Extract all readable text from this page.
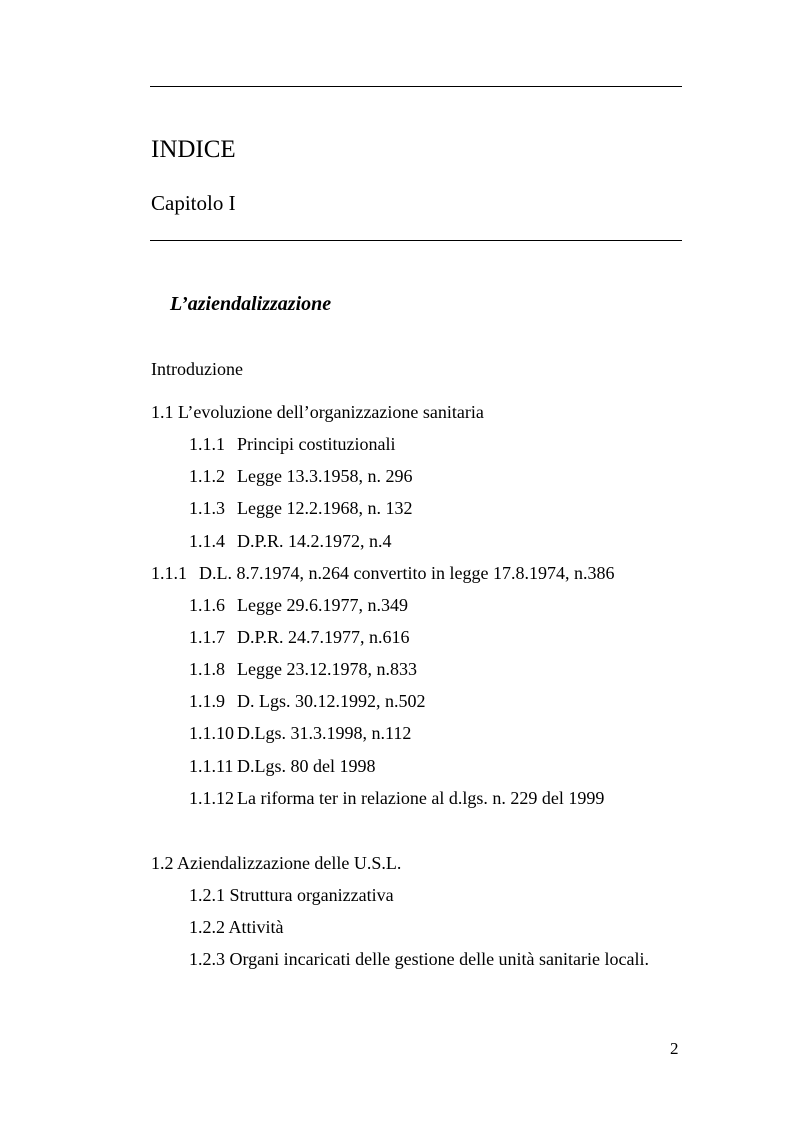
INDICE
Capitolo I
L’aziendalizzazione
Introduzione
1.1 L’evoluzione dell’organizzazione sanitaria
1.1.1 Principi costituzionali
1.1.2 Legge 13.3.1958, n. 296
1.1.3 Legge 12.2.1968, n. 132
1.1.4 D.P.R. 14.2.1972, n.4
1.1.1 D.L. 8.7.1974, n.264 convertito in legge 17.8.1974, n.386
1.1.6 Legge 29.6.1977, n.349
1.1.7 D.P.R. 24.7.1977, n.616
1.1.8 Legge 23.12.1978, n.833
1.1.9 D. Lgs. 30.12.1992, n.502
1.1.10 D.Lgs. 31.3.1998, n.112
1.1.11 D.Lgs. 80 del 1998
1.1.12 La riforma ter in relazione al d.lgs. n. 229 del 1999
1.2 Aziendalizzazione delle U.S.L.
1.2.1 Struttura organizzativa
1.2.2 Attività
1.2.3 Organi incaricati delle gestione delle unità sanitarie locali.
2
